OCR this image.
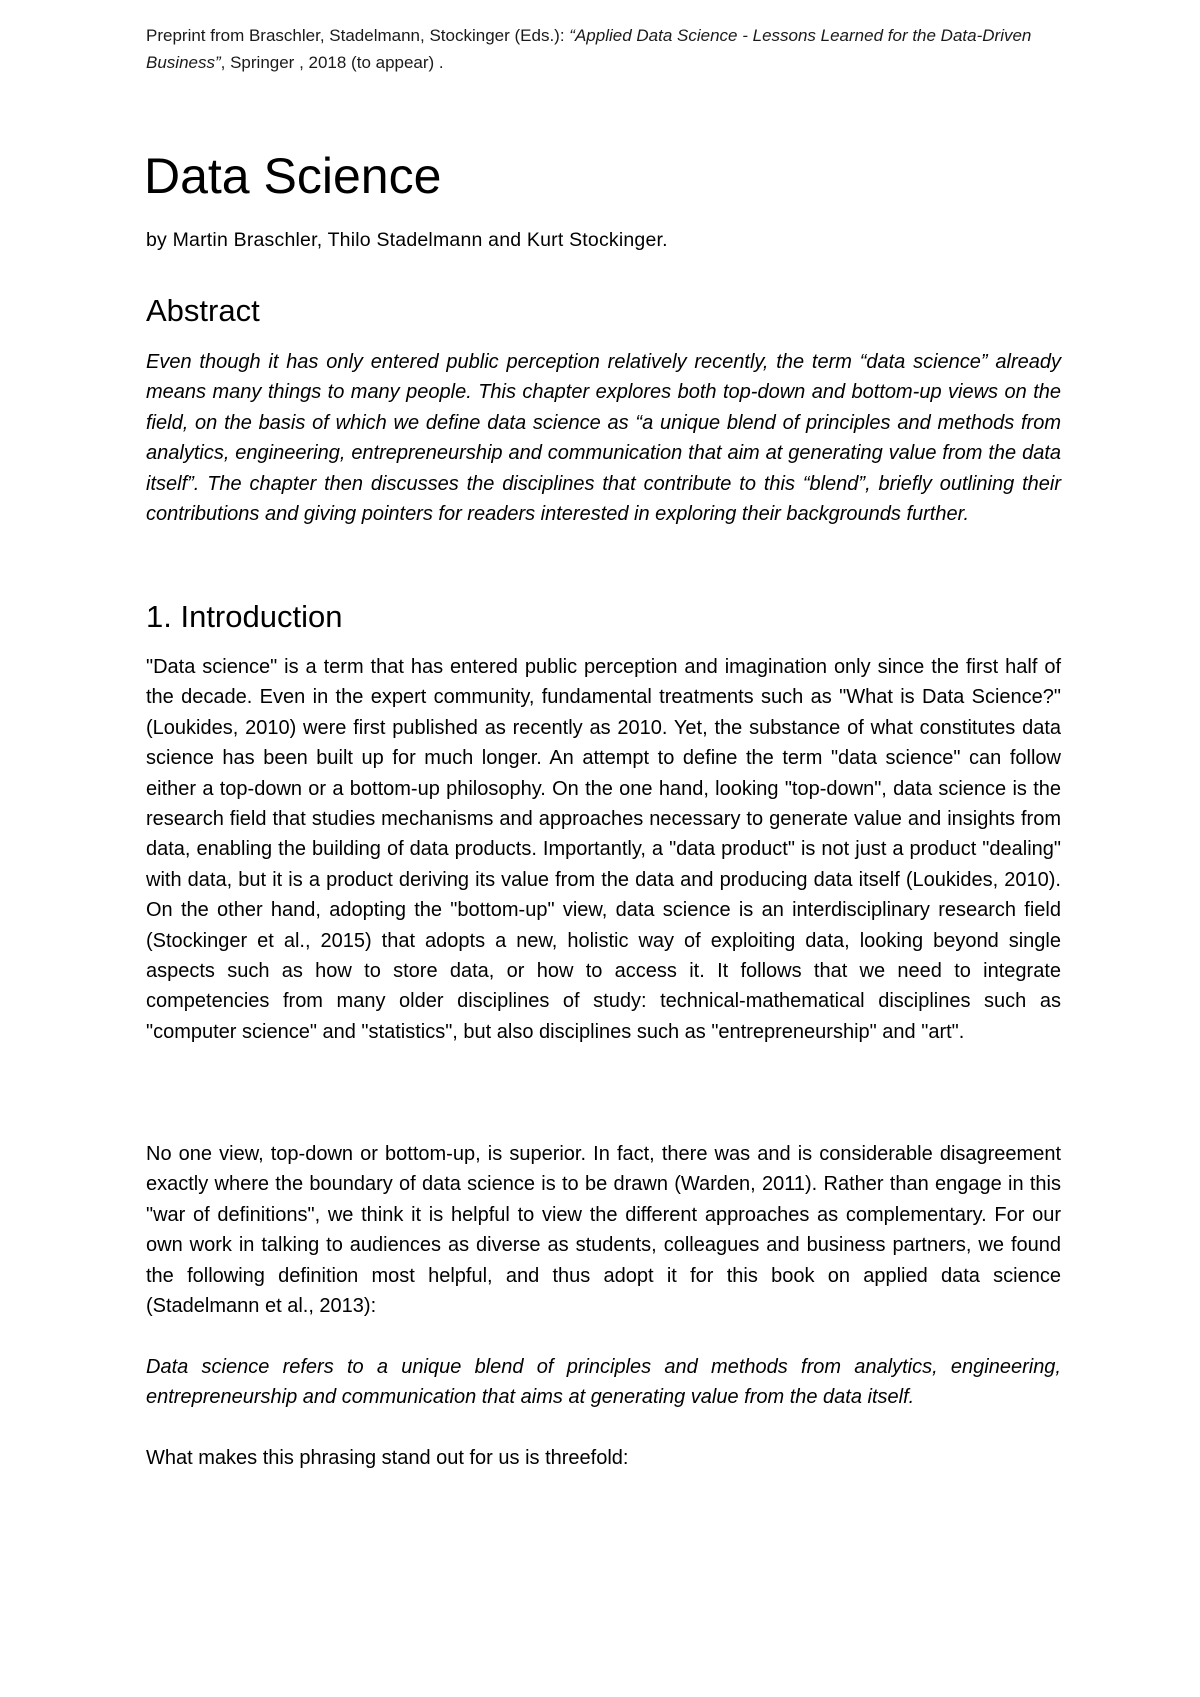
Preprint from Braschler, Stadelmann, Stockinger (Eds.): “Applied Data Science - Lessons Learned for the Data-Driven Business”, Springer , 2018 (to appear) .
Data Science
by Martin Braschler, Thilo Stadelmann and Kurt Stockinger.
Abstract

Even though it has only entered public perception relatively recently, the term “data science” already means many things to many people. This chapter explores both top-down and bottom-up views on the field, on the basis of which we define data science as “a unique blend of principles and methods from analytics, engineering, entrepreneurship and communication that aim at generating value from the data itself”. The chapter then discusses the disciplines that contribute to this “blend”, briefly outlining their contributions and giving pointers for readers interested in exploring their backgrounds further.

1. Introduction

"Data science" is a term that has entered public perception and imagination only since the first half of the decade. Even in the expert community, fundamental treatments such as "What is Data Science?" (Loukides, 2010) were first published as recently as 2010. Yet, the substance of what constitutes data science has been built up for much longer. An attempt to define the term "data science" can follow either a top-down or a bottom-up philosophy. On the one hand, looking "top-down", data science is the research field that studies mechanisms and approaches necessary to generate value and insights from data, enabling the building of data products. Importantly, a "data product" is not just a product "dealing" with data, but it is a product deriving its value from the data and producing data itself (Loukides, 2010). On the other hand, adopting the "bottom-up" view, data science is an interdisciplinary research field (Stockinger et al., 2015) that adopts a new, holistic way of exploiting data, looking beyond single aspects such as how to store data, or how to access it. It follows that we need to integrate competencies from many older disciplines of study: technical-mathematical disciplines such as "computer science" and "statistics", but also disciplines such as "entrepreneurship" and "art".

No one view, top-down or bottom-up, is superior. In fact, there was and is considerable disagreement exactly where the boundary of data science is to be drawn (Warden, 2011). Rather than engage in this "war of definitions", we think it is helpful to view the different approaches as complementary. For our own work in talking to audiences as diverse as students, colleagues and business partners, we found the following definition most helpful, and thus adopt it for this book on applied data science (Stadelmann et al., 2013):

Data science refers to a unique blend of principles and methods from analytics, engineering, entrepreneurship and communication that aims at generating value from the data itself.

What makes this phrasing stand out for us is threefold:
